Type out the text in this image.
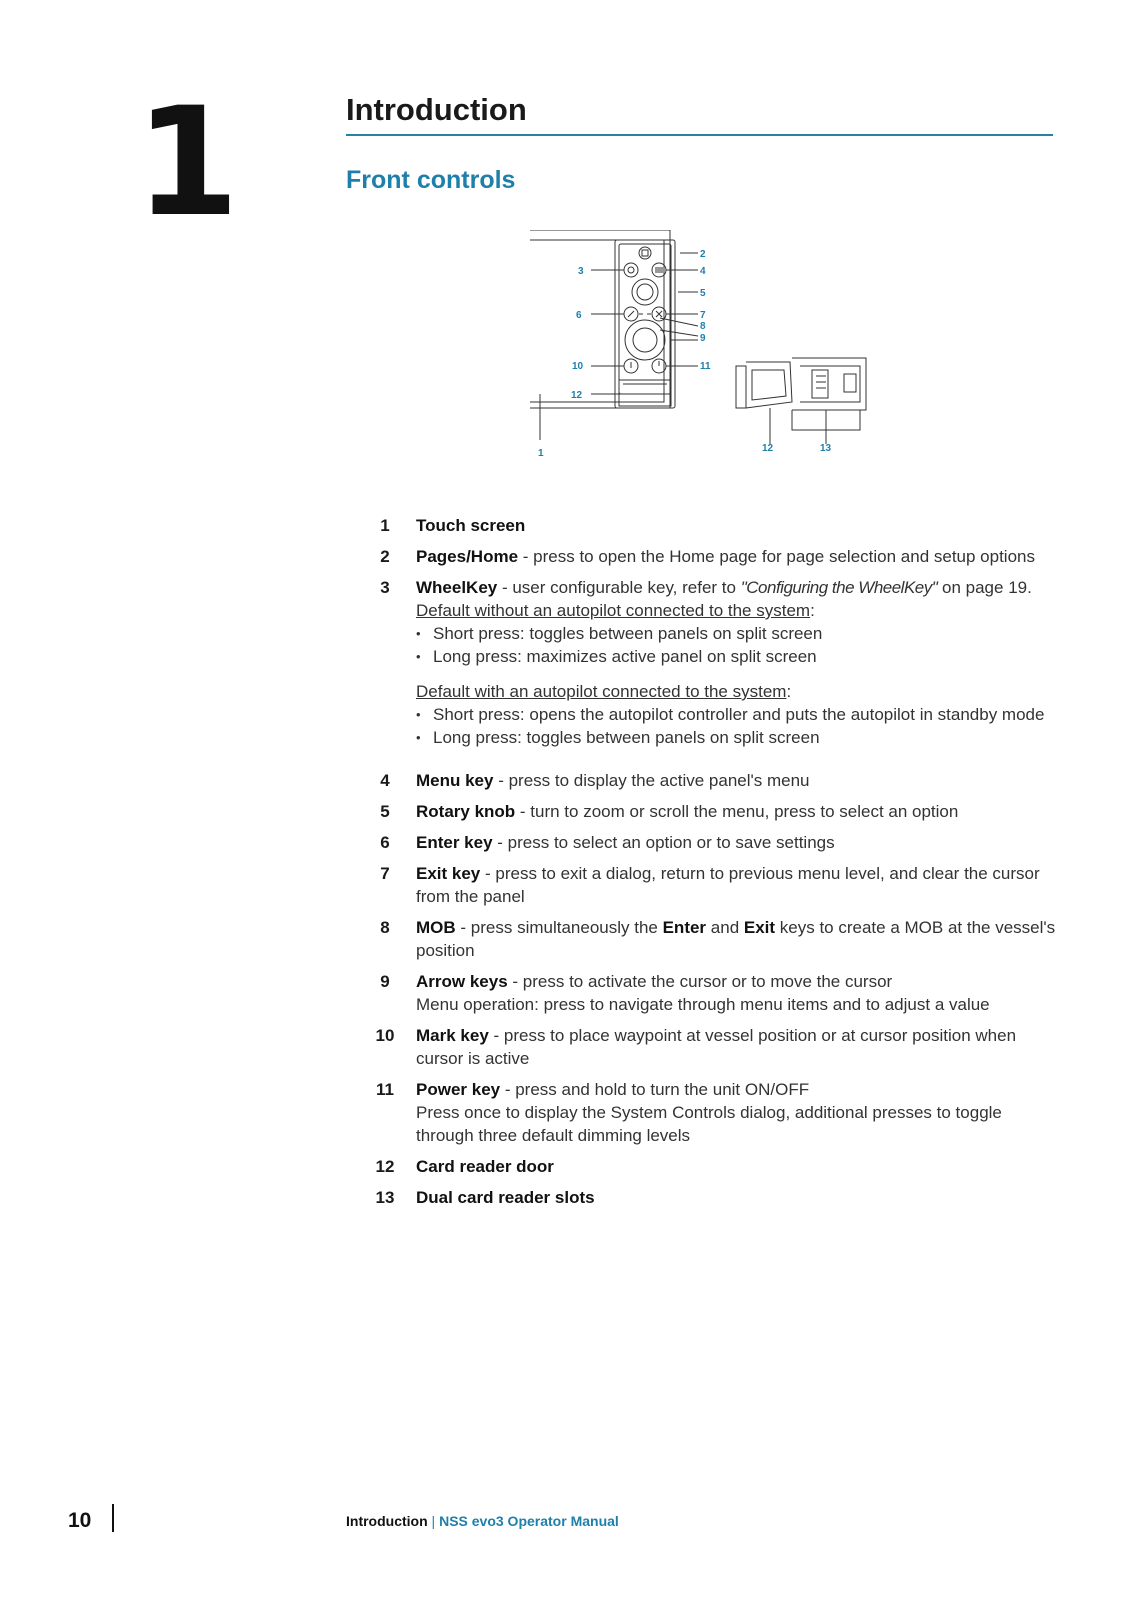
1	Introduction
Front controls
3
6
10
12
1
2
4
5
7
8
9
11
12	13
1	Touch screen
2	Pages/Home - press to open the Home page for page selection and setup options
3	WheelKey - user configurable key, refer to "Configuring the WheelKey" on page 19.
Default without an autopilot connected to the system:
• Short press: toggles between panels on split screen
• Long press: maximizes active panel on split screen
Default with an autopilot connected to the system:
• Short press: opens the autopilot controller and puts the autopilot in standby mode
• Long press: toggles between panels on split screen
4	Menu key - press to display the active panel's menu
5	Rotary knob - turn to zoom or scroll the menu, press to select an option
6	Enter key - press to select an option or to save settings
7	Exit key - press to exit a dialog, return to previous menu level, and clear the cursor from the panel
8	MOB - press simultaneously the Enter and Exit keys to create a MOB at the vessel's position
9	Arrow keys - press to activate the cursor or to move the cursor
Menu operation: press to navigate through menu items and to adjust a value
10	Mark key - press to place waypoint at vessel position or at cursor position when cursor is active
11	Power key - press and hold to turn the unit ON/OFF
Press once to display the System Controls dialog, additional presses to toggle through three default dimming levels
12	Card reader door
13	Dual card reader slots
10	Introduction | NSS evo3 Operator Manual
